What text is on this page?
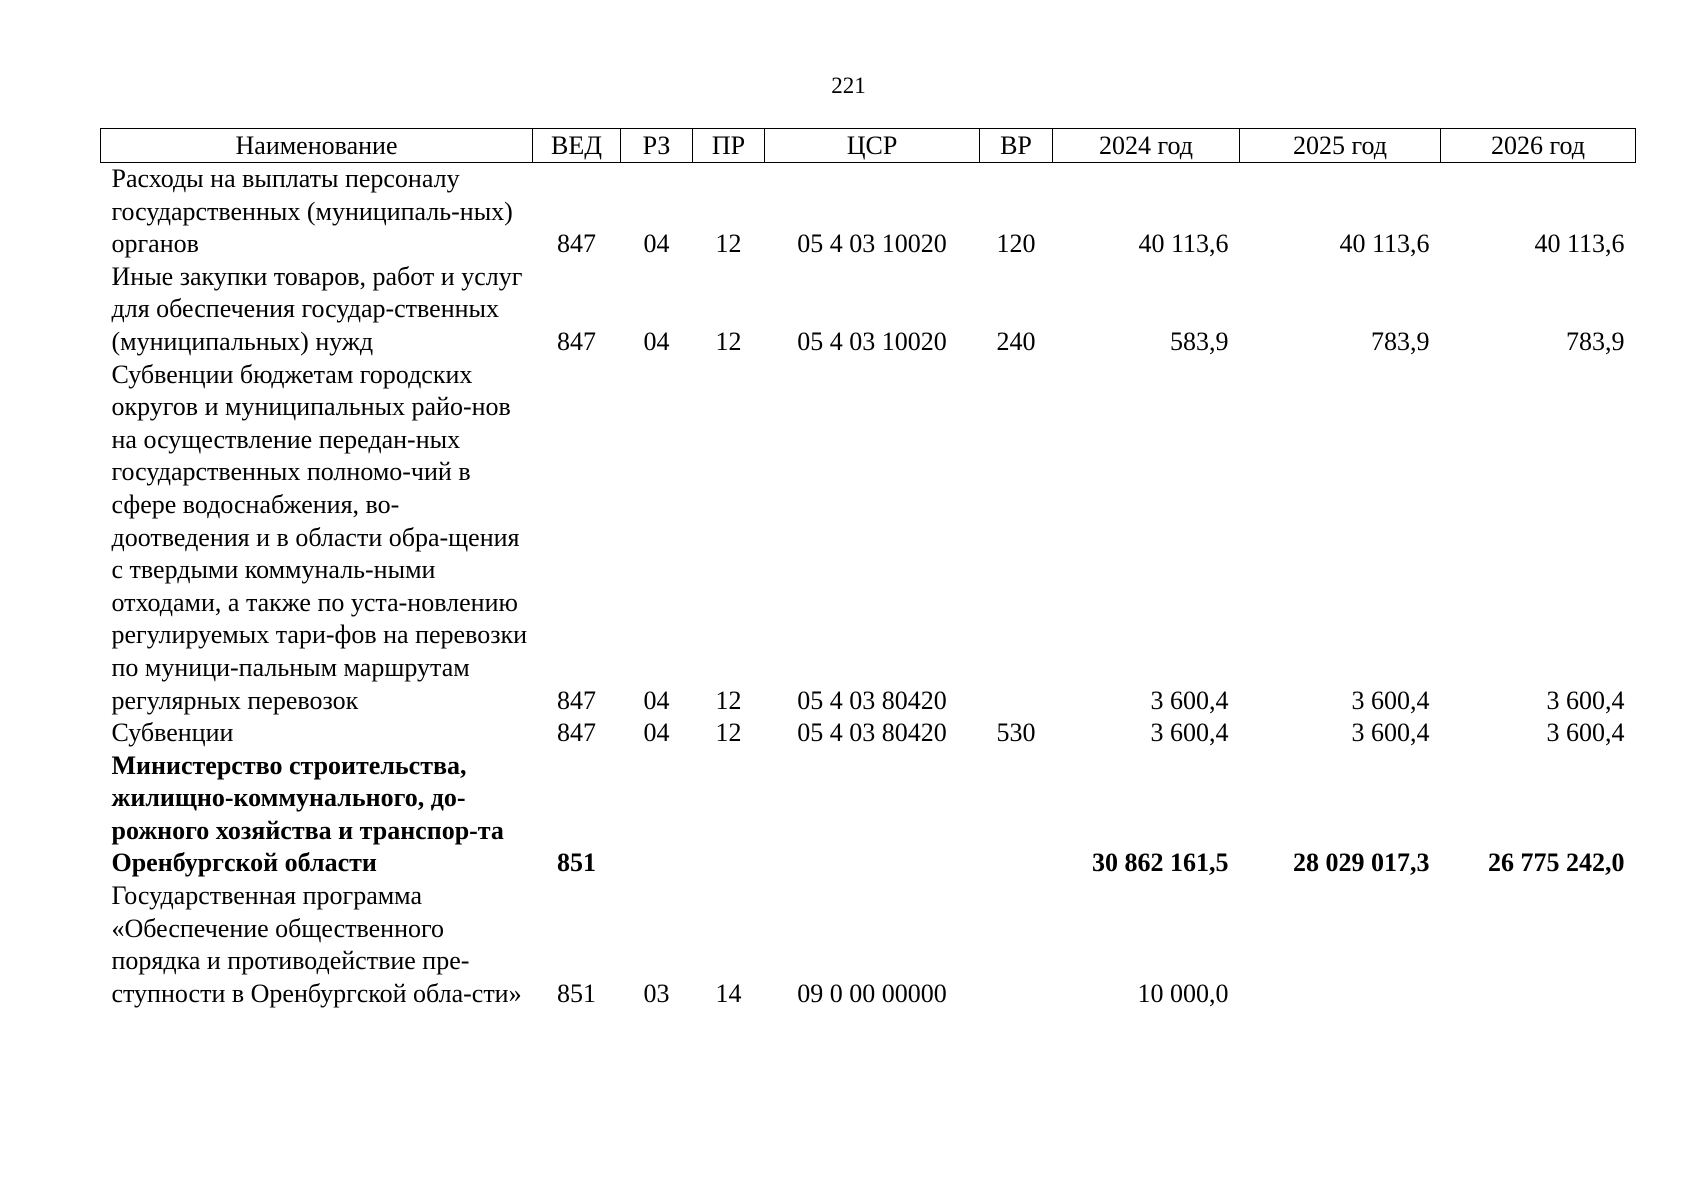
221
Наименование	ВЕД	РЗ	ПР	ЦСР	ВР	2024 год	2025 год	2026 год
Расходы на выплаты персоналу государственных (муниципаль-ных) органов	847	04	12	05 4 03 10020	120	40 113,6	40 113,6	40 113,6
Иные закупки товаров, работ и услуг для обеспечения государ-ственных (муниципальных) нужд	847	04	12	05 4 03 10020	240	583,9	783,9	783,9
Субвенции бюджетам городских округов и муниципальных райо-нов на осуществление передан-ных государственных полномо-чий в сфере водоснабжения, во-доотведения и в области обра-щения с твердыми коммуналь-ными отходами, а также по уста-новлению регулируемых тари-фов на перевозки по муници-пальным маршрутам регулярных перевозок	847	04	12	05 4 03 80420		3 600,4	3 600,4	3 600,4
Субвенции	847	04	12	05 4 03 80420	530	3 600,4	3 600,4	3 600,4
Министерство строительства, жилищно-коммунального, до-рожного хозяйства и транспор-та Оренбургской области	851					30 862 161,5	28 029 017,3	26 775 242,0
Государственная программа «Обеспечение общественного порядка и противодействие пре-ступности в Оренбургской обла-сти»	851	03	14	09 0 00 00000		10 000,0		
